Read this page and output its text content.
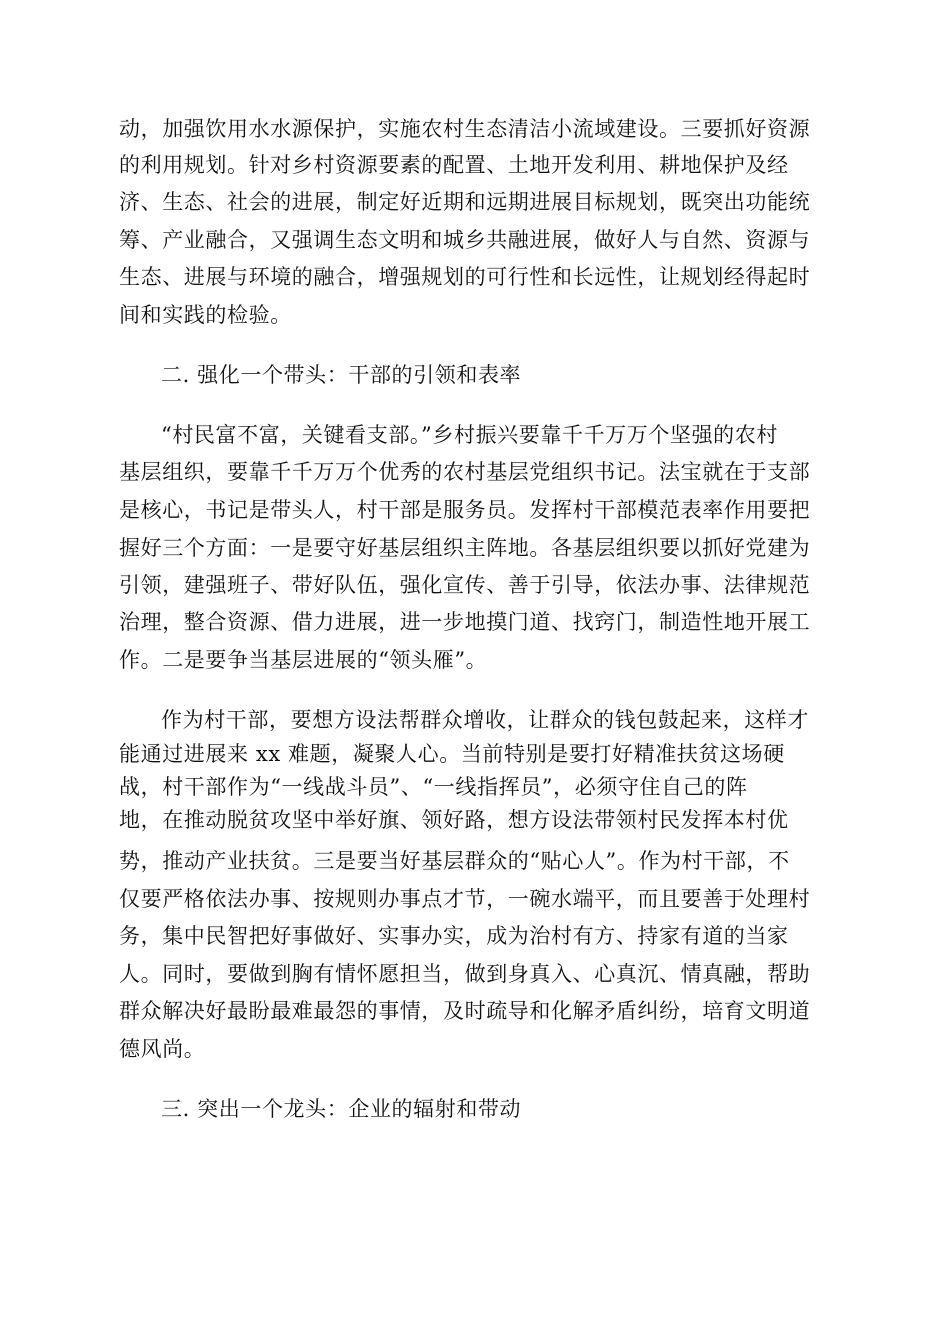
动，加强饮用水水源保护，实施农村生态清洁小流域建设。三要抓好资源

的利用规划。针对乡村资源要素的配置、土地开发利用、耕地保护及经

济、生态、社会的进展，制定好近期和远期进展目标规划，既突出功能统

筹、产业融合，又强调生态文明和城乡共融进展，做好人与自然、资源与

生态、进展与环境的融合，增强规划的可行性和长远性，让规划经得起时

间和实践的检验。

二. 强化一个带头：干部的引领和表率

“村民富不富，关键看支部。”乡村振兴要靠千千万万个坚强的农村

基层组织，要靠千千万万个优秀的农村基层党组织书记。法宝就在于支部

是核心，书记是带头人，村干部是服务员。发挥村干部模范表率作用要把

握好三个方面：一是要守好基层组织主阵地。各基层组织要以抓好党建为

引领，建强班子、带好队伍，强化宣传、善于引导，依法办事、法律规范

治理，整合资源、借力进展，进一步地摸门道、找窍门，制造性地开展工

作。二是要争当基层进展的“领头雁”。

作为村干部，要想方设法帮群众增收，让群众的钱包鼓起来，这样才

能通过进展来 xx 难题，凝聚人心。当前特别是要打好精准扶贫这场硬

战，村干部作为“一线战斗员”、“一线指挥员”，必须守住自己的阵

地，在推动脱贫攻坚中举好旗、领好路，想方设法带领村民发挥本村优

势，推动产业扶贫。三是要当好基层群众的“贴心人”。作为村干部，不

仅要严格依法办事、按规则办事点才节，一碗水端平，而且要善于处理村

务，集中民智把好事做好、实事办实，成为治村有方、持家有道的当家

人。同时，要做到胸有情怀愿担当，做到身真入、心真沉、情真融，帮助

群众解决好最盼最难最怨的事情，及时疏导和化解矛盾纠纷，培育文明道

德风尚。

三. 突出一个龙头：企业的辐射和带动
